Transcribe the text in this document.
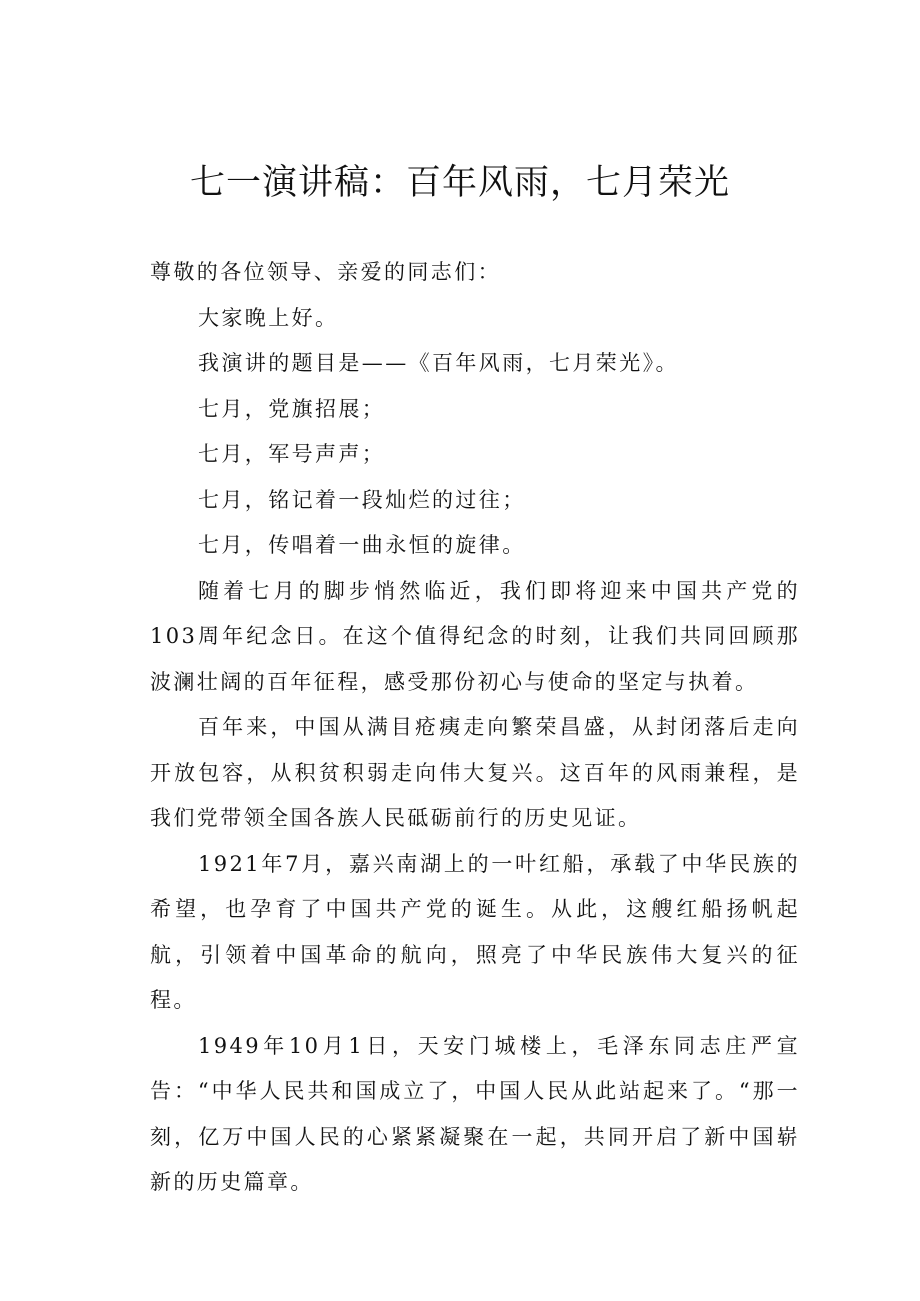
七一演讲稿：百年风雨，七月荣光

尊敬的各位领导、亲爱的同志们：

大家晚上好。

我演讲的题目是——《百年风雨，七月荣光》。

七月，党旗招展；

七月，军号声声；

七月，铭记着一段灿烂的过往；

七月，传唱着一曲永恒的旋律。

随着七月的脚步悄然临近，我们即将迎来中国共产党的103周年纪念日。在这个值得纪念的时刻，让我们共同回顾那波澜壮阔的百年征程，感受那份初心与使命的坚定与执着。

百年来，中国从满目疮痍走向繁荣昌盛，从封闭落后走向开放包容，从积贫积弱走向伟大复兴。这百年的风雨兼程，是我们党带领全国各族人民砥砺前行的历史见证。

1921年7月，嘉兴南湖上的一叶红船，承载了中华民族的希望，也孕育了中国共产党的诞生。从此，这艘红船扬帆起航，引领着中国革命的航向，照亮了中华民族伟大复兴的征程。

1949年10月1日，天安门城楼上，毛泽东同志庄严宣告：“中华人民共和国成立了，中国人民从此站起来了。“那一刻，亿万中国人民的心紧紧凝聚在一起，共同开启了新中国崭新的历史篇章。
